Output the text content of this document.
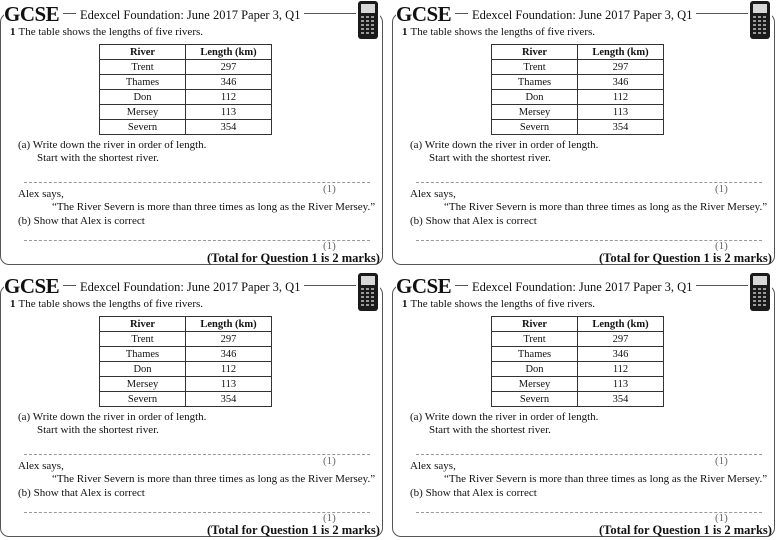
GCSE	Edexcel Foundation: June 2017 Paper 3, Q1
1 The table shows the lengths of five rivers.
River	Length (km)
Trent	297
Thames	346
Don	112
Mersey	113
Severn	354
(a) Write down the river in order of length.
Start with the shortest river.
(1)
Alex says,
“The River Severn is more than three times as long as the River Mersey.”
(b) Show that Alex is correct
(1)
(Total for Question 1 is 2 marks)
GCSE	Edexcel Foundation: June 2017 Paper 3, Q1
1 The table shows the lengths of five rivers.
River	Length (km)
Trent	297
Thames	346
Don	112
Mersey	113
Severn	354
(a) Write down the river in order of length.
Start with the shortest river.
(1)
Alex says,
“The River Severn is more than three times as long as the River Mersey.”
(b) Show that Alex is correct
(1)
(Total for Question 1 is 2 marks)
GCSE	Edexcel Foundation: June 2017 Paper 3, Q1
1 The table shows the lengths of five rivers.
River	Length (km)
Trent	297
Thames	346
Don	112
Mersey	113
Severn	354
(a) Write down the river in order of length.
Start with the shortest river.
(1)
Alex says,
“The River Severn is more than three times as long as the River Mersey.”
(b) Show that Alex is correct
(1)
(Total for Question 1 is 2 marks)
GCSE	Edexcel Foundation: June 2017 Paper 3, Q1
1 The table shows the lengths of five rivers.
River	Length (km)
Trent	297
Thames	346
Don	112
Mersey	113
Severn	354
(a) Write down the river in order of length.
Start with the shortest river.
(1)
Alex says,
“The River Severn is more than three times as long as the River Mersey.”
(b) Show that Alex is correct
(1)
(Total for Question 1 is 2 marks)
